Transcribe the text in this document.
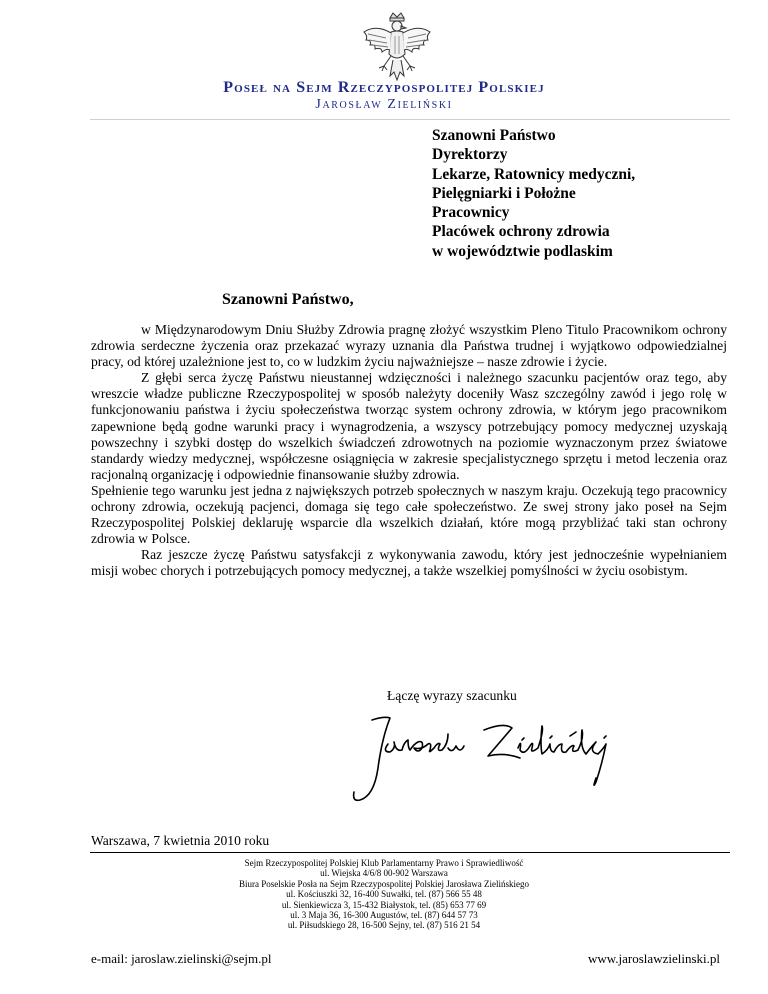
Poseł na Sejm Rzeczypospolitej Polskiej
Jarosław Zieliński
Szanowni Państwo
Dyrektorzy
Lekarze, Ratownicy medyczni,
Pielęgniarki i Położne
Pracownicy
Placówek ochrony zdrowia
w województwie podlaskim
Szanowni Państwo,

w Międzynarodowym Dniu Służby Zdrowia pragnę złożyć wszystkim Pleno Titulo Pracownikom ochrony zdrowia serdeczne życzenia oraz przekazać wyrazy uznania dla Państwa trudnej i wyjątkowo odpowiedzialnej pracy, od której uzależnione jest to, co w ludzkim życiu najważniejsze – nasze zdrowie i życie.

Z głębi serca życzę Państwu nieustannej wdzięczności i należnego szacunku pacjentów oraz tego, aby wreszcie władze publiczne Rzeczypospolitej w sposób należyty doceniły Wasz szczególny zawód i jego rolę w funkcjonowaniu państwa i życiu społeczeństwa tworząc system ochrony zdrowia, w którym jego pracownikom zapewnione będą godne warunki pracy i wynagrodzenia, a wszyscy potrzebujący pomocy medycznej uzyskają powszechny i szybki dostęp do wszelkich świadczeń zdrowotnych na poziomie wyznaczonym przez światowe standardy wiedzy medycznej, współczesne osiągnięcia w zakresie specjalistycznego sprzętu i metod leczenia oraz racjonalną organizację i odpowiednie finansowanie służby zdrowia.

Spełnienie tego warunku jest jedna z największych potrzeb społecznych w naszym kraju. Oczekują tego pracownicy ochrony zdrowia, oczekują pacjenci, domaga się tego całe społeczeństwo. Ze swej strony jako poseł na Sejm Rzeczypospolitej Polskiej deklaruję wsparcie dla wszelkich działań, które mogą przybliżać taki stan ochrony zdrowia w Polsce.

Raz jeszcze życzę Państwu satysfakcji z wykonywania zawodu, który jest jednocześnie wypełnianiem misji wobec chorych i potrzebujących pomocy medycznej, a także wszelkiej pomyślności w życiu osobistym.

Łączę wyrazy szacunku
Warszawa, 7 kwietnia 2010 roku
Sejm Rzeczypospolitej Polskiej Klub Parlamentarny Prawo i Sprawiedliwość
ul. Wiejska 4/6/8 00-902 Warszawa
Biura Poselskie Posła na Sejm Rzeczypospolitej Polskiej Jarosława Zielińskiego
ul. Kościuszki 32, 16-400 Suwałki, tel. (87) 566 55 48
ul. Sienkiewicza 3, 15-432 Białystok, tel. (85) 653 77 69
ul. 3 Maja 36, 16-300 Augustów, tel. (87) 644 57 73
ul. Piłsudskiego 28, 16-500 Sejny, tel. (87) 516 21 54
e-mail: jaroslaw.zielinski@sejm.pl	www.jaroslawzielinski.pl
